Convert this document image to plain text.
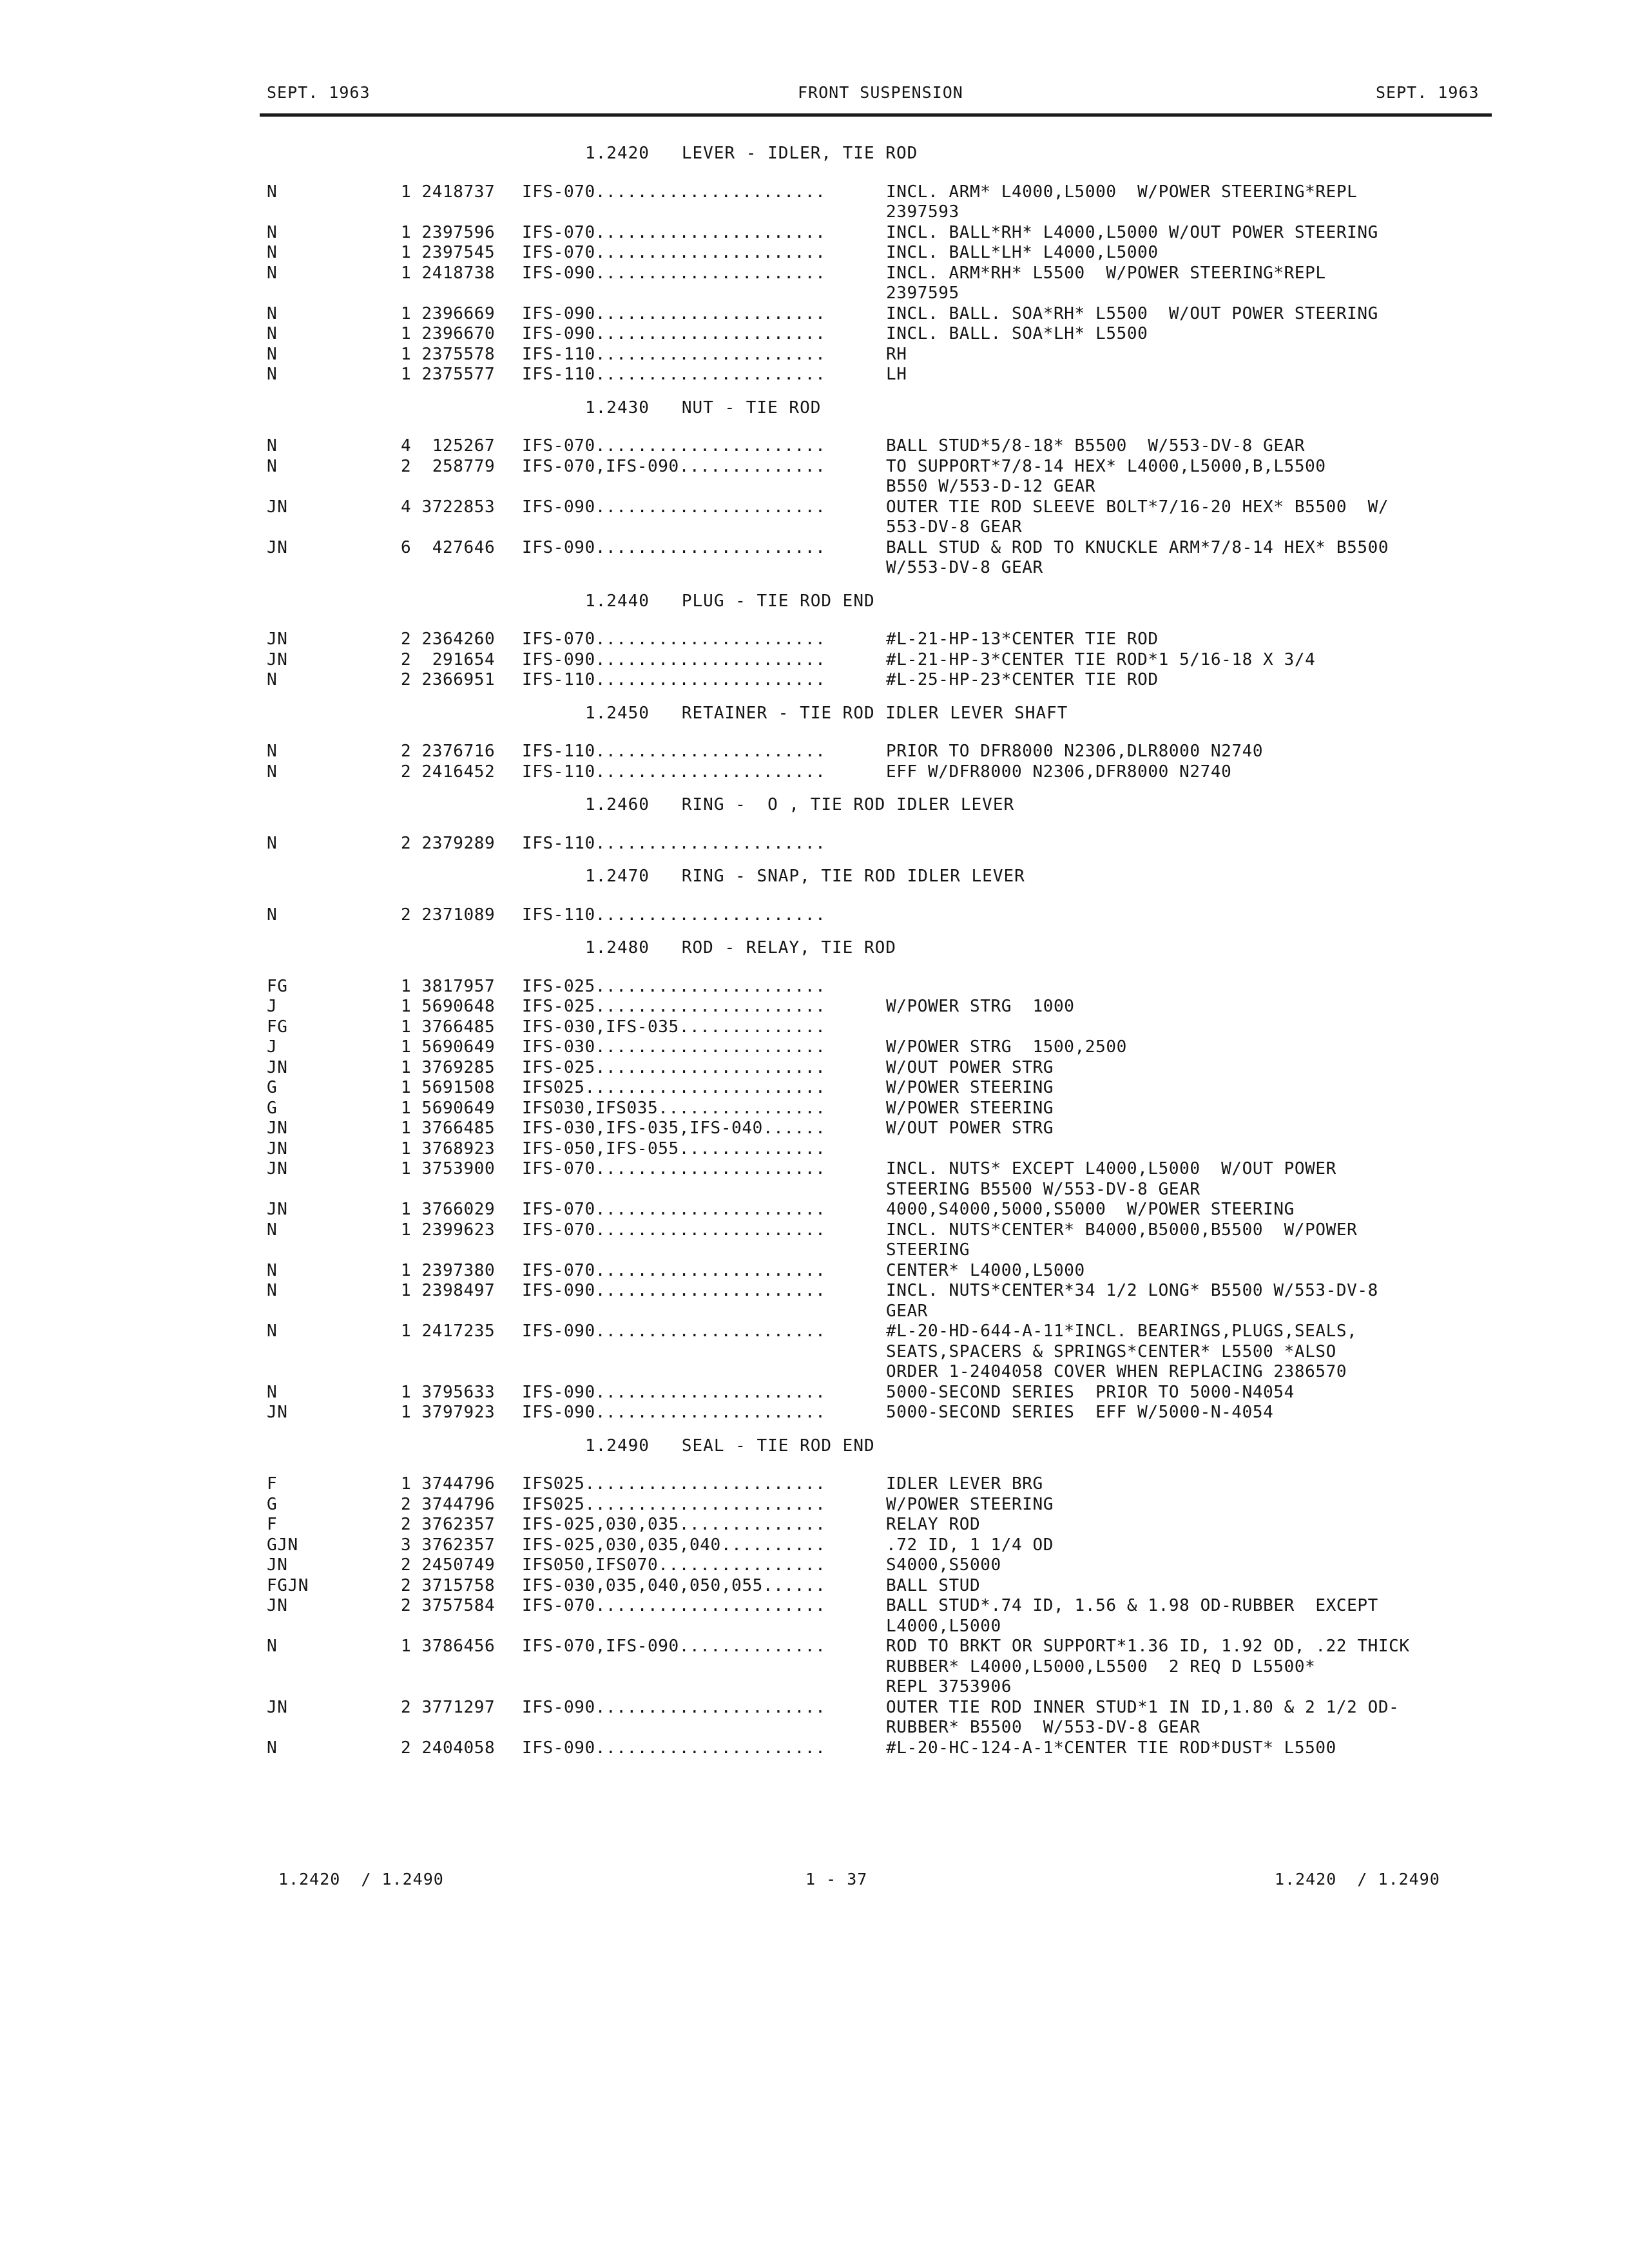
SEPT. 1963	FRONT SUSPENSION	SEPT. 1963
1.2420   LEVER - IDLER, TIE ROD
N	1 2418737 IFS-070......................	INCL. ARM* L4000,L5000  W/POWER STEERING*REPL
2397593
N	1 2397596 IFS-070......................	INCL. BALL*RH* L4000,L5000 W/OUT POWER STEERING
N	1 2397545 IFS-070......................	INCL. BALL*LH* L4000,L5000
N	1 2418738 IFS-090......................	INCL. ARM*RH* L5500  W/POWER STEERING*REPL
2397595
N	1 2396669 IFS-090......................	INCL. BALL. SOA*RH* L5500  W/OUT POWER STEERING
N	1 2396670 IFS-090......................	INCL. BALL. SOA*LH* L5500
N	1 2375578 IFS-110......................	RH
N	1 2375577 IFS-110......................	LH
1.2430   NUT - TIE ROD
N	4  125267 IFS-070......................	BALL STUD*5/8-18* B5500  W/553-DV-8 GEAR
N	2  258779 IFS-070,IFS-090..............	TO SUPPORT*7/8-14 HEX* L4000,L5000,B,L5500
B550 W/553-D-12 GEAR
JN	4 3722853 IFS-090......................	OUTER TIE ROD SLEEVE BOLT*7/16-20 HEX* B5500  W/
553-DV-8 GEAR
JN	6  427646 IFS-090......................	BALL STUD & ROD TO KNUCKLE ARM*7/8-14 HEX* B5500
W/553-DV-8 GEAR
1.2440   PLUG - TIE ROD END
JN	2 2364260 IFS-070......................	#L-21-HP-13*CENTER TIE ROD
JN	2  291654 IFS-090......................	#L-21-HP-3*CENTER TIE ROD*1 5/16-18 X 3/4
N	2 2366951 IFS-110......................	#L-25-HP-23*CENTER TIE ROD
1.2450   RETAINER - TIE ROD IDLER LEVER SHAFT
N	2 2376716 IFS-110......................	PRIOR TO DFR8000 N2306,DLR8000 N2740
N	2 2416452 IFS-110......................	EFF W/DFR8000 N2306,DFR8000 N2740
1.2460   RING -  O , TIE ROD IDLER LEVER
N	2 2379289 IFS-110......................
1.2470   RING - SNAP, TIE ROD IDLER LEVER
N	2 2371089 IFS-110......................
1.2480   ROD - RELAY, TIE ROD
FG	1 3817957 IFS-025......................
J	1 5690648 IFS-025......................	W/POWER STRG  1000
FG	1 3766485 IFS-030,IFS-035..............
J	1 5690649 IFS-030......................	W/POWER STRG  1500,2500
JN	1 3769285 IFS-025......................	W/OUT POWER STRG
G	1 5691508 IFS025.......................	W/POWER STEERING
G	1 5690649 IFS030,IFS035................	W/POWER STEERING
JN	1 3766485 IFS-030,IFS-035,IFS-040......	W/OUT POWER STRG
JN	1 3768923 IFS-050,IFS-055..............
JN	1 3753900 IFS-070......................	INCL. NUTS* EXCEPT L4000,L5000  W/OUT POWER
STEERING B5500 W/553-DV-8 GEAR
JN	1 3766029 IFS-070......................	4000,S4000,5000,S5000  W/POWER STEERING
N	1 2399623 IFS-070......................	INCL. NUTS*CENTER* B4000,B5000,B5500  W/POWER
STEERING
N	1 2397380 IFS-070......................	CENTER* L4000,L5000
N	1 2398497 IFS-090......................	INCL. NUTS*CENTER*34 1/2 LONG* B5500 W/553-DV-8
GEAR
N	1 2417235 IFS-090......................	#L-20-HD-644-A-11*INCL. BEARINGS,PLUGS,SEALS,
SEATS,SPACERS & SPRINGS*CENTER* L5500 *ALSO
ORDER 1-2404058 COVER WHEN REPLACING 2386570
N	1 3795633 IFS-090......................	5000-SECOND SERIES  PRIOR TO 5000-N4054
JN	1 3797923 IFS-090......................	5000-SECOND SERIES  EFF W/5000-N-4054
1.2490   SEAL - TIE ROD END
F	1 3744796 IFS025.......................	IDLER LEVER BRG
G	2 3744796 IFS025.......................	W/POWER STEERING
F	2 3762357 IFS-025,030,035..............	RELAY ROD
GJN	3 3762357 IFS-025,030,035,040..........	.72 ID, 1 1/4 OD
JN	2 2450749 IFS050,IFS070................	S4000,S5000
FGJN	2 3715758 IFS-030,035,040,050,055......	BALL STUD
JN	2 3757584 IFS-070......................	BALL STUD*.74 ID, 1.56 & 1.98 OD-RUBBER  EXCEPT
L4000,L5000
N	1 3786456 IFS-070,IFS-090..............	ROD TO BRKT OR SUPPORT*1.36 ID, 1.92 OD, .22 THICK
RUBBER* L4000,L5000,L5500  2 REQ D L5500*
REPL 3753906
JN	2 3771297 IFS-090......................	OUTER TIE ROD INNER STUD*1 IN ID,1.80 & 2 1/2 OD-
RUBBER* B5500  W/553-DV-8 GEAR
N	2 2404058 IFS-090......................	#L-20-HC-124-A-1*CENTER TIE ROD*DUST* L5500
1.2420  / 1.2490	1 - 37	1.2420  / 1.2490
